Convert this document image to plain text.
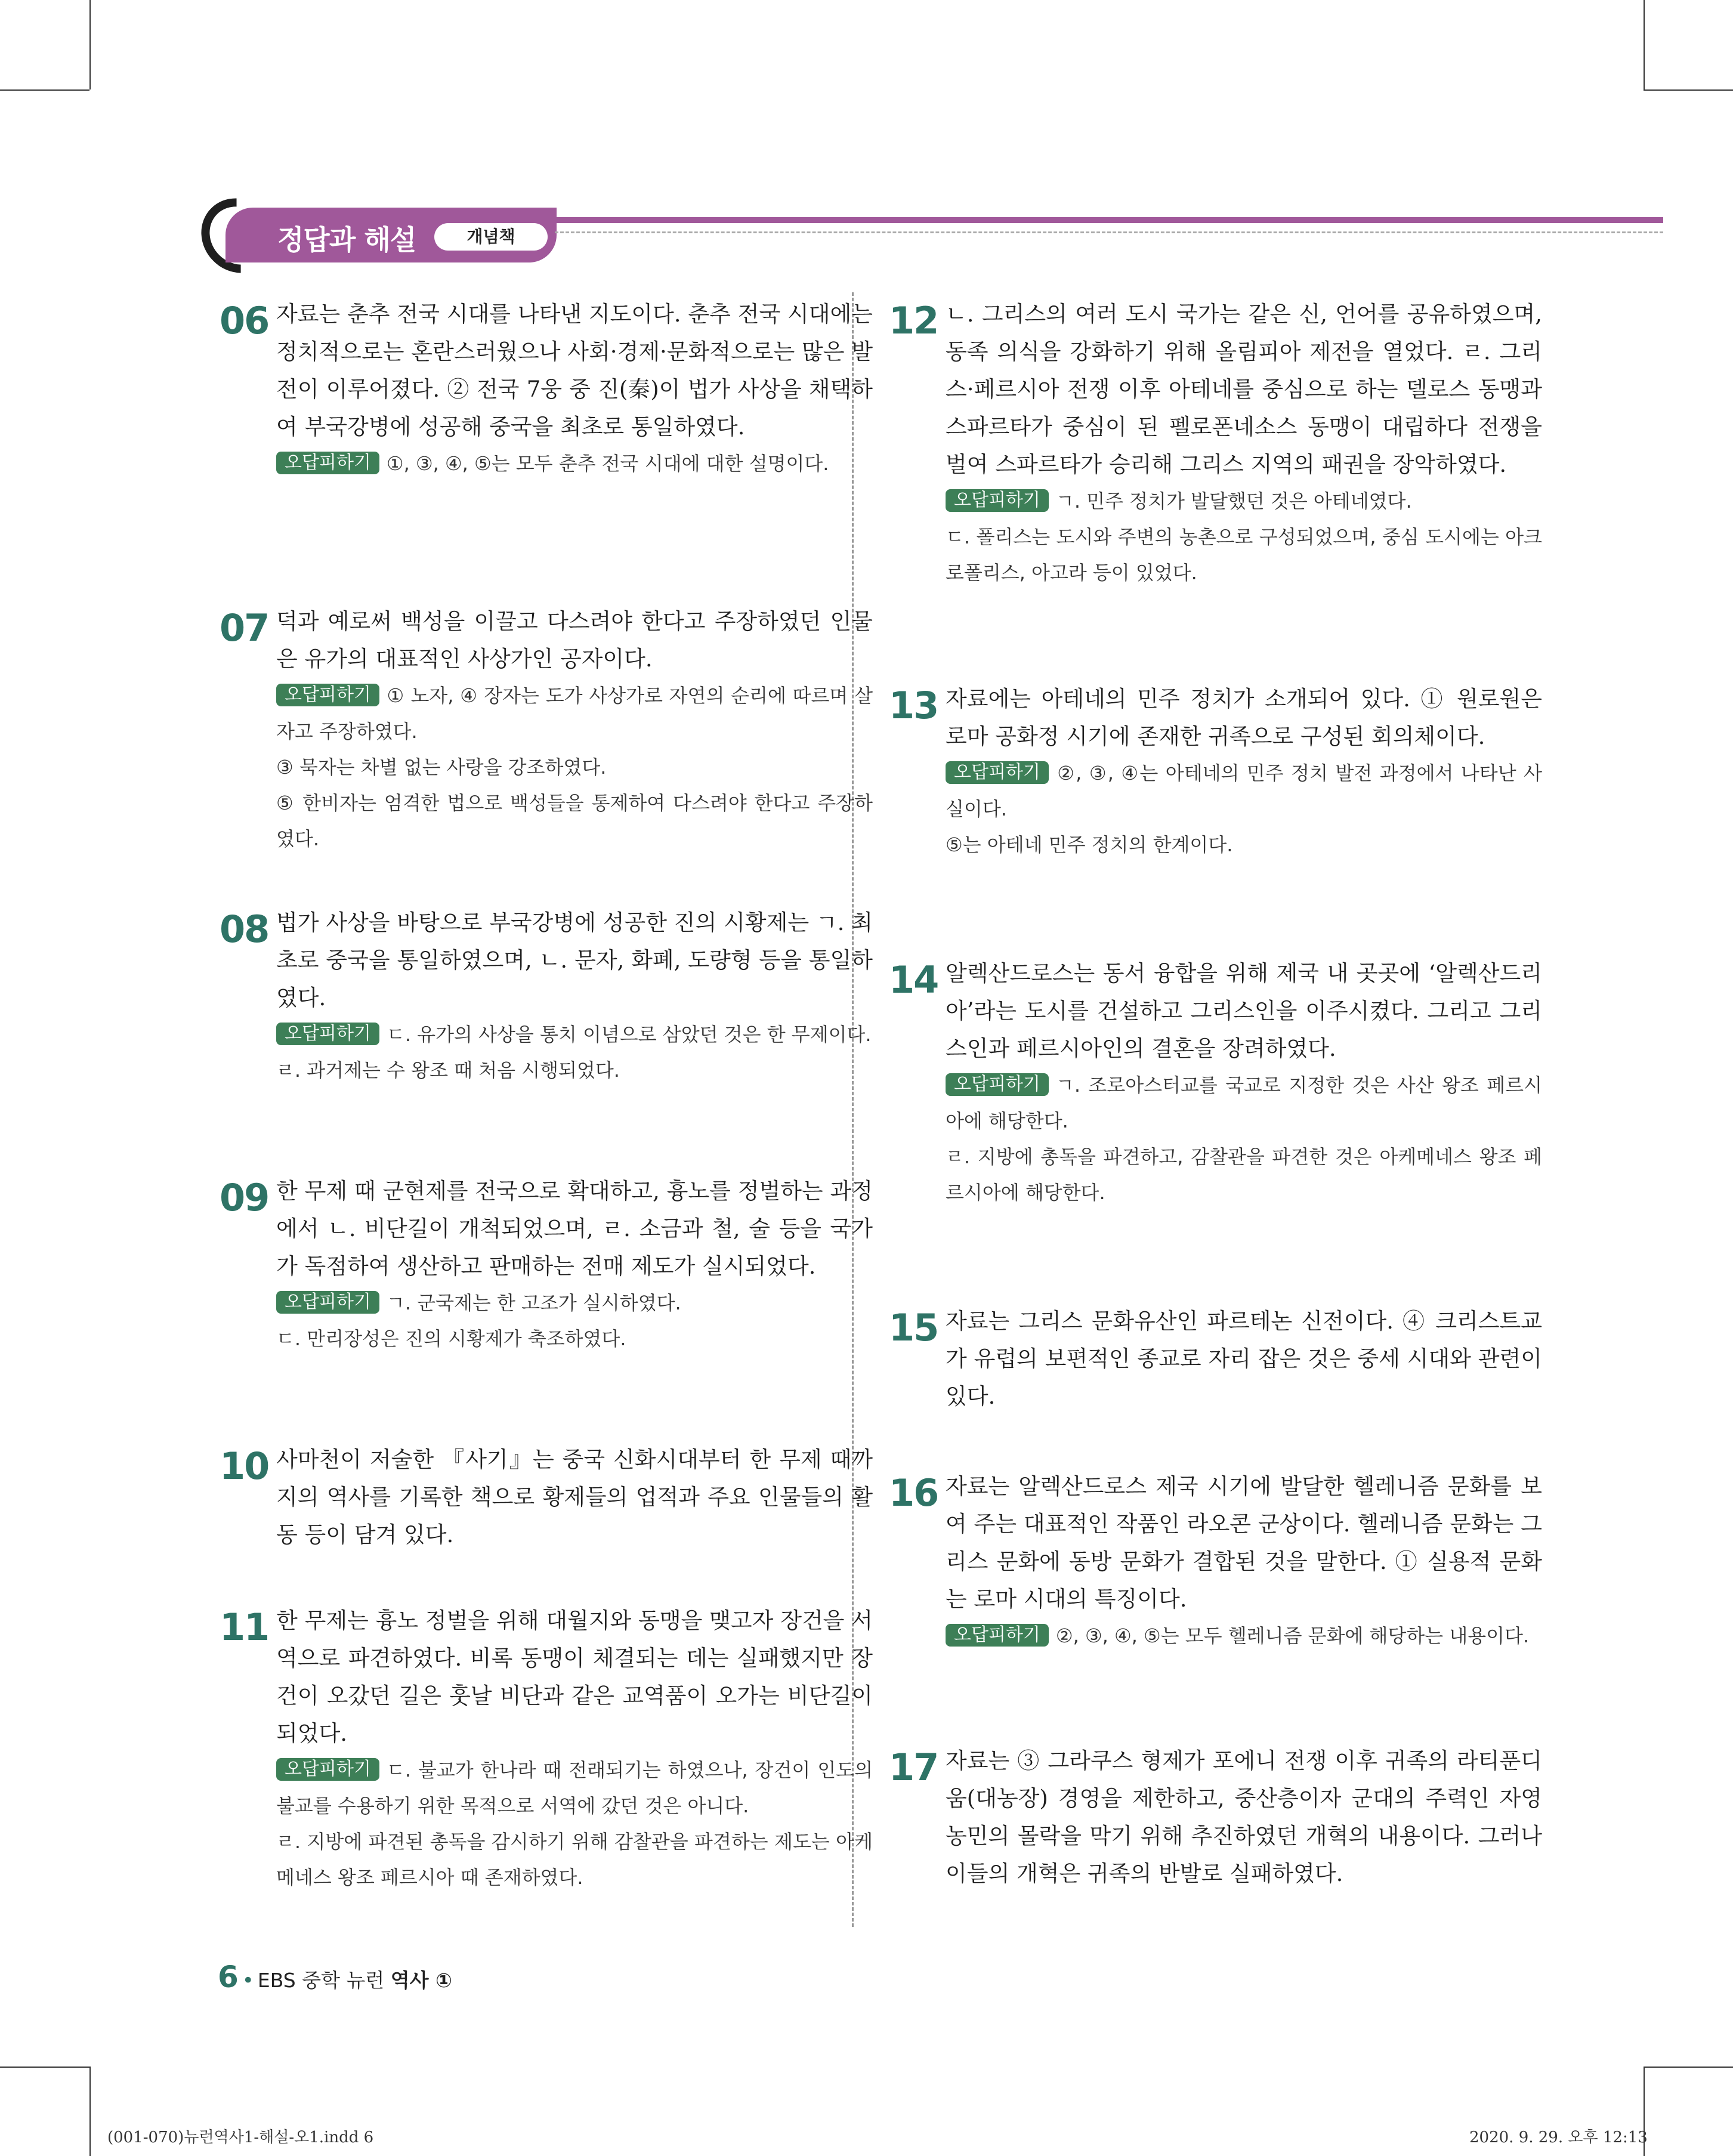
정답과 해설	개념책
06 자료는 춘추 전국 시대를 나타낸 지도이다. 춘추 전국 시대에는 정치적으로는 혼란스러웠으나 사회·경제·문화적으로는 많은 발전이 이루어졌다. ② 전국 7웅 중 진(秦)이 법가 사상을 채택하여 부국강병에 성공해 중국을 최초로 통일하였다.

오답피하기 ①, ③, ④, ⑤는 모두 춘추 전국 시대에 대한 설명이다.

07 덕과 예로써 백성을 이끌고 다스려야 한다고 주장하였던 인물은 유가의 대표적인 사상가인 공자이다.

오답피하기 ① 노자, ④ 장자는 도가 사상가로 자연의 순리에 따르며 살자고 주장하였다.

③ 묵자는 차별 없는 사랑을 강조하였다.

⑤ 한비자는 엄격한 법으로 백성들을 통제하여 다스려야 한다고 주장하였다.

08 법가 사상을 바탕으로 부국강병에 성공한 진의 시황제는 ㄱ. 최초로 중국을 통일하였으며, ㄴ. 문자, 화폐, 도량형 등을 통일하였다.

오답피하기 ㄷ. 유가의 사상을 통치 이념으로 삼았던 것은 한 무제이다.

ㄹ. 과거제는 수 왕조 때 처음 시행되었다.

09 한 무제 때 군현제를 전국으로 확대하고, 흉노를 정벌하는 과정에서 ㄴ. 비단길이 개척되었으며, ㄹ. 소금과 철, 술 등을 국가가 독점하여 생산하고 판매하는 전매 제도가 실시되었다.

오답피하기 ㄱ. 군국제는 한 고조가 실시하였다.

ㄷ. 만리장성은 진의 시황제가 축조하였다.

10 사마천이 저술한 『사기』는 중국 신화시대부터 한 무제 때까지의 역사를 기록한 책으로 황제들의 업적과 주요 인물들의 활동 등이 담겨 있다.

11 한 무제는 흉노 정벌을 위해 대월지와 동맹을 맺고자 장건을 서역으로 파견하였다. 비록 동맹이 체결되는 데는 실패했지만 장건이 오갔던 길은 훗날 비단과 같은 교역품이 오가는 비단길이 되었다.

오답피하기 ㄷ. 불교가 한나라 때 전래되기는 하였으나, 장건이 인도의 불교를 수용하기 위한 목적으로 서역에 갔던 것은 아니다.

ㄹ. 지방에 파견된 총독을 감시하기 위해 감찰관을 파견하는 제도는 아케메네스 왕조 페르시아 때 존재하였다.

12 ㄴ. 그리스의 여러 도시 국가는 같은 신, 언어를 공유하였으며, 동족 의식을 강화하기 위해 올림피아 제전을 열었다. ㄹ. 그리스·페르시아 전쟁 이후 아테네를 중심으로 하는 델로스 동맹과 스파르타가 중심이 된 펠로폰네소스 동맹이 대립하다 전쟁을 벌여 스파르타가 승리해 그리스 지역의 패권을 장악하였다.

오답피하기 ㄱ. 민주 정치가 발달했던 것은 아테네였다.

ㄷ. 폴리스는 도시와 주변의 농촌으로 구성되었으며, 중심 도시에는 아크로폴리스, 아고라 등이 있었다.

13 자료에는 아테네의 민주 정치가 소개되어 있다. ① 원로원은 로마 공화정 시기에 존재한 귀족으로 구성된 회의체이다.

오답피하기 ②, ③, ④는 아테네의 민주 정치 발전 과정에서 나타난 사실이다.

⑤는 아테네 민주 정치의 한계이다.

14 알렉산드로스는 동서 융합을 위해 제국 내 곳곳에 ‘알렉산드리아’라는 도시를 건설하고 그리스인을 이주시켰다. 그리고 그리스인과 페르시아인의 결혼을 장려하였다.

오답피하기 ㄱ. 조로아스터교를 국교로 지정한 것은 사산 왕조 페르시아에 해당한다.

ㄹ. 지방에 총독을 파견하고, 감찰관을 파견한 것은 아케메네스 왕조 페르시아에 해당한다.

15 자료는 그리스 문화유산인 파르테논 신전이다. ④ 크리스트교가 유럽의 보편적인 종교로 자리 잡은 것은 중세 시대와 관련이 있다.

16 자료는 알렉산드로스 제국 시기에 발달한 헬레니즘 문화를 보여 주는 대표적인 작품인 라오콘 군상이다. 헬레니즘 문화는 그리스 문화에 동방 문화가 결합된 것을 말한다. ① 실용적 문화는 로마 시대의 특징이다.

오답피하기 ②, ③, ④, ⑤는 모두 헬레니즘 문화에 해당하는 내용이다.

17 자료는 ③ 그라쿠스 형제가 포에니 전쟁 이후 귀족의 라티푼디움(대농장) 경영을 제한하고, 중산층이자 군대의 주력인 자영 농민의 몰락을 막기 위해 추진하였던 개혁의 내용이다. 그러나 이들의 개혁은 귀족의 반발로 실패하였다.

6 • EBS 중학 뉴런 역사 ①
(001-070)뉴런역사1-해설-오1.indd 6	2020. 9. 29. 오후 12:13
